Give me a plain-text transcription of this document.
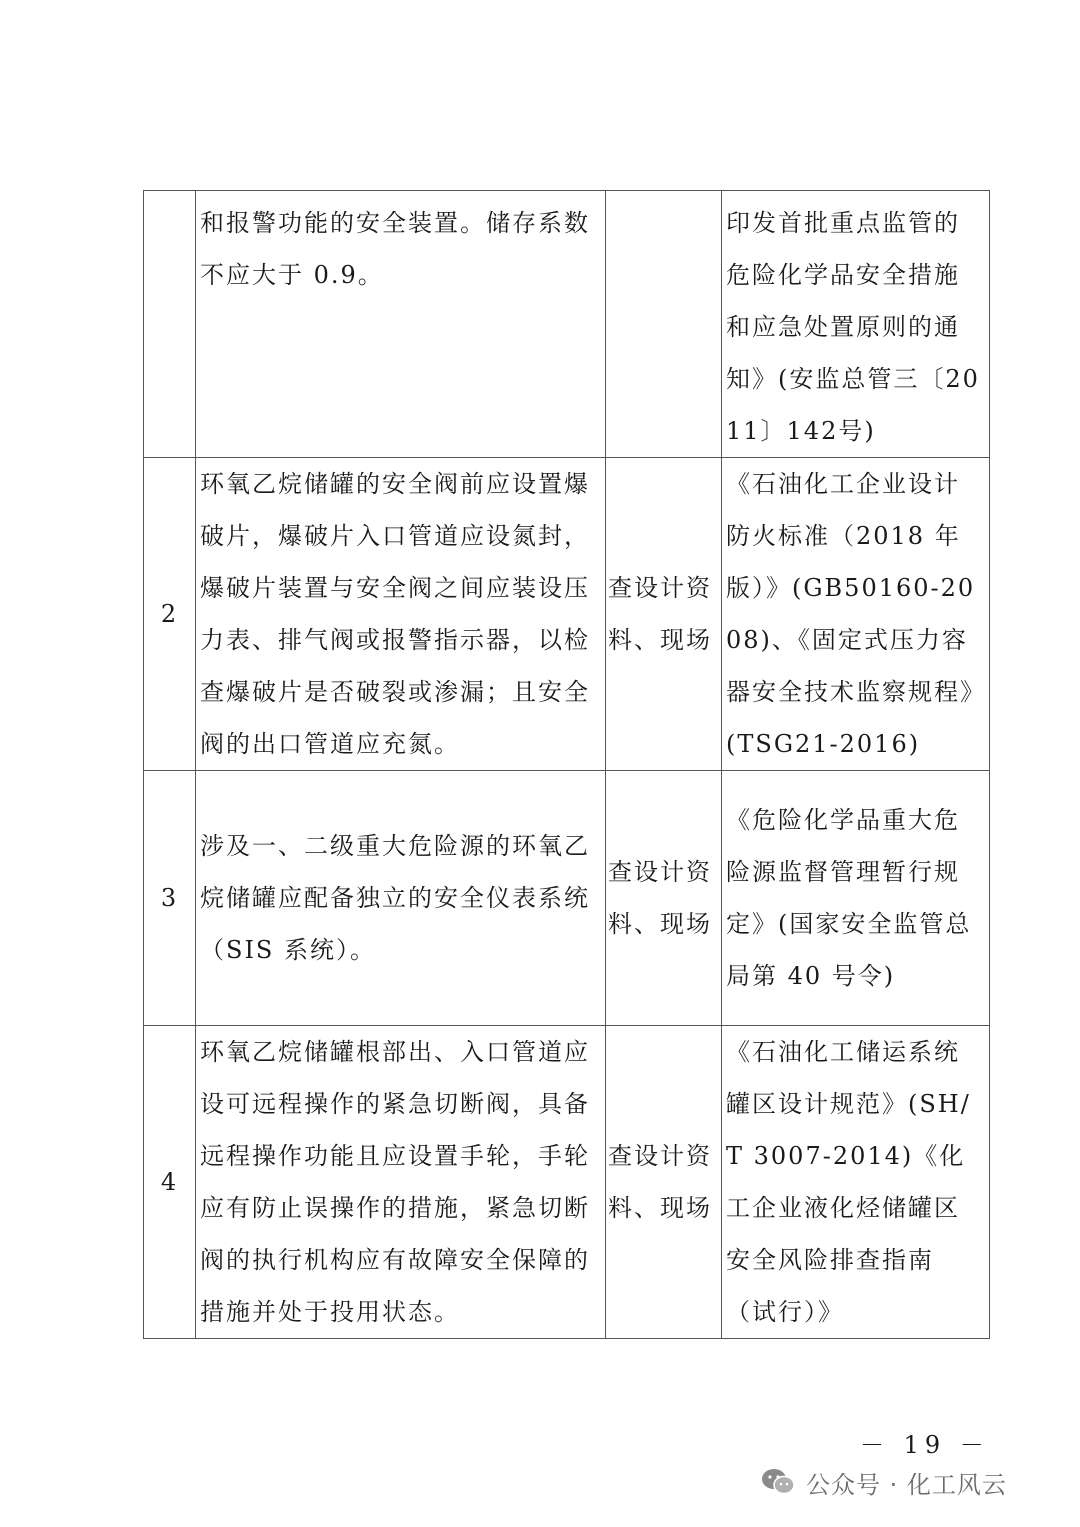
	和报警功能的安全装置。储存系数不应大于 0.9。		印发首批重点监管的危险化学品安全措施和应急处置原则的通知》(安监总管三〔2011〕142号)
2	环氧乙烷储罐的安全阀前应设置爆破片，爆破片入口管道应设氮封，爆破片装置与安全阀之间应装设压力表、排气阀或报警指示器，以检查爆破片是否破裂或渗漏；且安全阀的出口管道应充氮。	查设计资料、现场	《石油化工企业设计防火标准（2018 年版）》(GB50160-2008)、《固定式压力容器安全技术监察规程》(TSG21-2016)
3	涉及一、二级重大危险源的环氧乙烷储罐应配备独立的安全仪表系统（SIS 系统）。	查设计资料、现场	《危险化学品重大危险源监督管理暂行规定》(国家安全监管总局第 40 号令)
4	环氧乙烷储罐根部出、入口管道应设可远程操作的紧急切断阀，具备远程操作功能且应设置手轮，手轮应有防止误操作的措施，紧急切断阀的执行机构应有故障安全保障的措施并处于投用状态。	查设计资料、现场	《石油化工储运系统罐区设计规范》(SH/T 3007-2014)《化工企业液化烃储罐区安全风险排查指南（试行）》
－ 19 －
公众号 · 化工风云
